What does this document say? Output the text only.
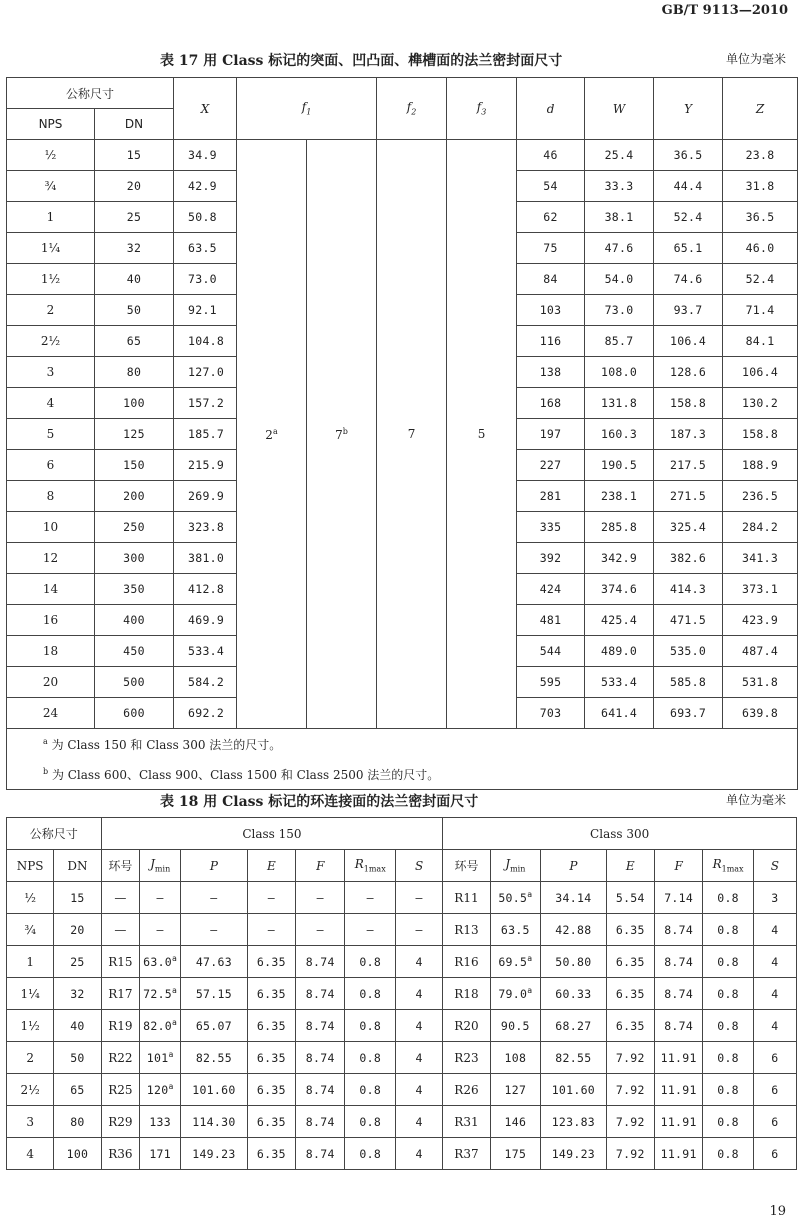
GB/T 9113—2010
表 17 用 Class 标记的突面、凹凸面、榫槽面的法兰密封面尺寸	单位为毫米
公称尺寸		X	$f_1$		$f_2$	$f_3$	d	W	Y	Z
NPS	DN									
½	15	34.9	2$^a$	7$^b$	7	5	46	25.4	36.5	23.8
¾	20	42.9					54	33.3	44.4	31.8
1	25	50.8					62	38.1	52.4	36.5
1¼	32	63.5					75	47.6	65.1	46.0
1½	40	73.0					84	54.0	74.6	52.4
2	50	92.1					103	73.0	93.7	71.4
2½	65	104.8					116	85.7	106.4	84.1
3	80	127.0					138	108.0	128.6	106.4
4	100	157.2					168	131.8	158.8	130.2
5	125	185.7					197	160.3	187.3	158.8
6	150	215.9					227	190.5	217.5	188.9
8	200	269.9					281	238.1	271.5	236.5
10	250	323.8					335	285.8	325.4	284.2
12	300	381.0					392	342.9	382.6	341.3
14	350	412.8					424	374.6	414.3	373.1
16	400	469.9					481	425.4	471.5	423.9
18	450	533.4					544	489.0	535.0	487.4
20	500	584.2					595	533.4	585.8	531.8
24	600	692.2					703	641.4	693.7	639.8
$^a$ 为 Class 150 和 Class 300 法兰的尺寸。										
$^b$ 为 Class 600、Class 900、Class 1500 和 Class 2500 法兰的尺寸。										
表 18 用 Class 标记的环连接面的法兰密封面尺寸	单位为毫米
公称尺寸		Class 150							Class 300						
NPS	DN	环号	$J_{min}$	P	E	F	$R_{1max}$	S	环号	$J_{min}$	P	E	F	$R_{1max}$	S
½	15	—	—	—	—	—	—	—	R11	50.5$^a$	34.14	5.54	7.14	0.8	3
¾	20	—	—	—	—	—	—	—	R13	63.5	42.88	6.35	8.74	0.8	4
1	25	R15	63.0$^a$	47.63	6.35	8.74	0.8	4	R16	69.5$^a$	50.80	6.35	8.74	0.8	4
1¼	32	R17	72.5$^a$	57.15	6.35	8.74	0.8	4	R18	79.0$^a$	60.33	6.35	8.74	0.8	4
1½	40	R19	82.0$^a$	65.07	6.35	8.74	0.8	4	R20	90.5	68.27	6.35	8.74	0.8	4
2	50	R22	101$^a$	82.55	6.35	8.74	0.8	4	R23	108	82.55	7.92	11.91	0.8	6
2½	65	R25	120$^a$	101.60	6.35	8.74	0.8	4	R26	127	101.60	7.92	11.91	0.8	6
3	80	R29	133	114.30	6.35	8.74	0.8	4	R31	146	123.83	7.92	11.91	0.8	6
4	100	R36	171	149.23	6.35	8.74	0.8	4	R37	175	149.23	7.92	11.91	0.8	6
19
